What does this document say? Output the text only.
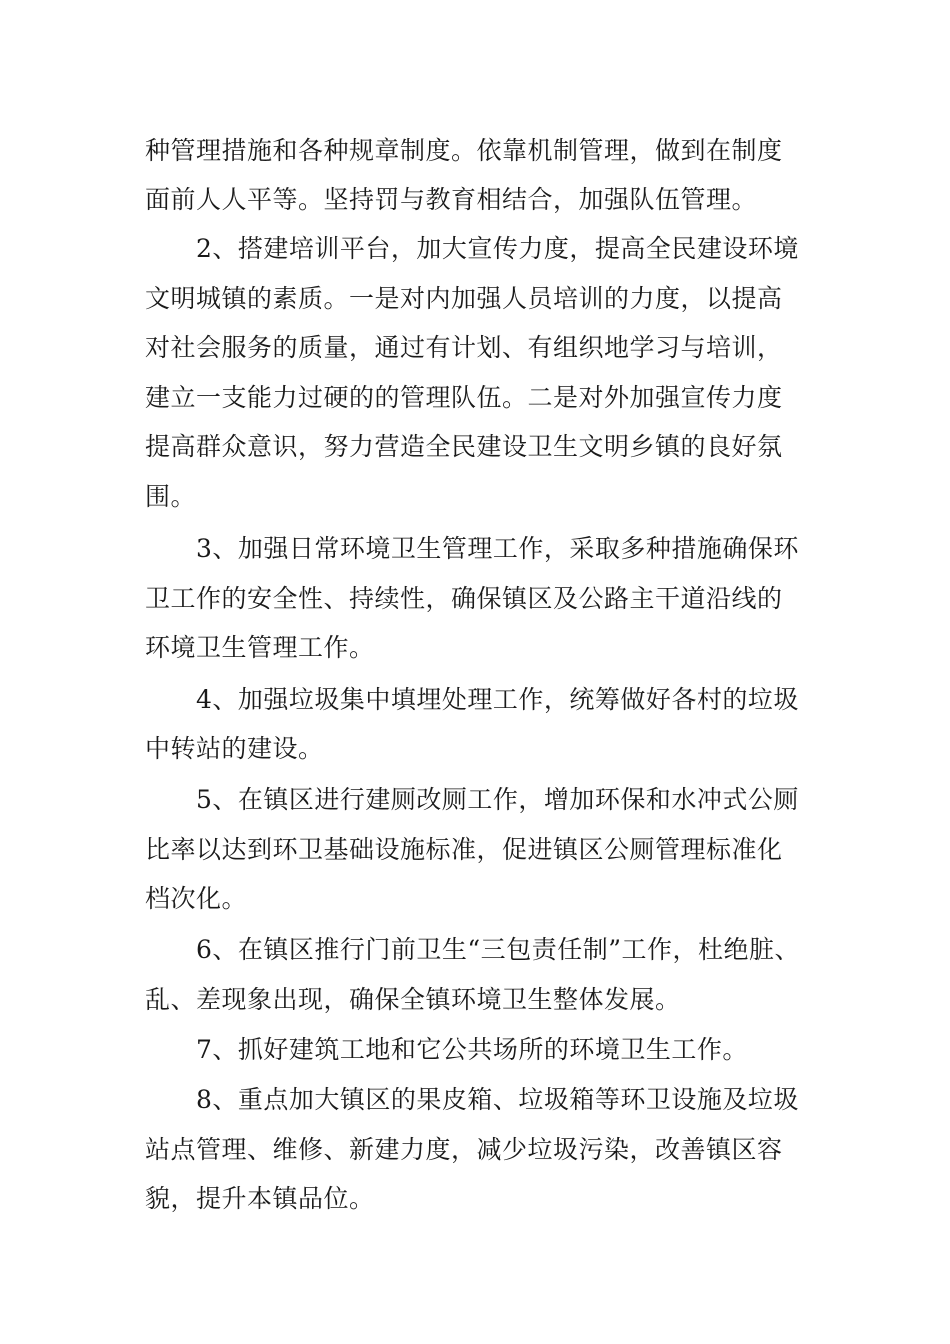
种管理措施和各种规章制度。依靠机制管理，做到在制度
面前人人平等。坚持罚与教育相结合，加强队伍管理。
2、搭建培训平台，加大宣传力度，提高全民建设环境
文明城镇的素质。一是对内加强人员培训的力度，以提高
对社会服务的质量，通过有计划、有组织地学习与培训，
建立一支能力过硬的的管理队伍。二是对外加强宣传力度
提高群众意识，努力营造全民建设卫生文明乡镇的良好氛
围。
3、加强日常环境卫生管理工作，采取多种措施确保环
卫工作的安全性、持续性，确保镇区及公路主干道沿线的
环境卫生管理工作。
4、加强垃圾集中填埋处理工作，统筹做好各村的垃圾
中转站的建设。
5、在镇区进行建厕改厕工作，增加环保和水冲式公厕
比率以达到环卫基础设施标准，促进镇区公厕管理标准化
档次化。
6、在镇区推行门前卫生“三包责任制”工作，杜绝脏、
乱、差现象出现，确保全镇环境卫生整体发展。
7、抓好建筑工地和它公共场所的环境卫生工作。
8、重点加大镇区的果皮箱、垃圾箱等环卫设施及垃圾
站点管理、维修、新建力度，减少垃圾污染，改善镇区容
貌，提升本镇品位。
